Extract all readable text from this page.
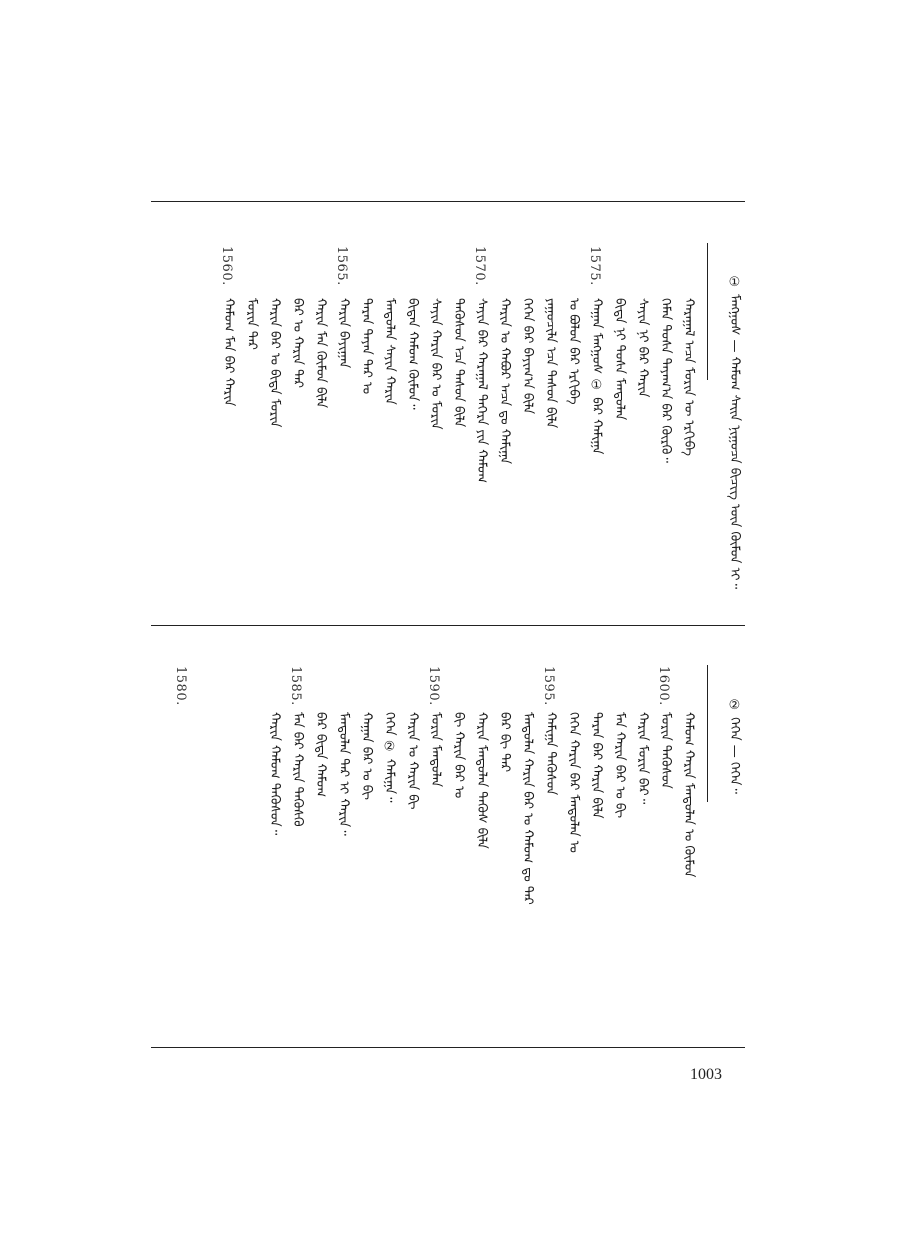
① ᠮᠠᠩᠭᠤᠰ — ᠬᠠᠮᠤᠭ ᠰᠠᠢᠨ ᠨᠢᠭᠤᠴᠠ ᠪᠢᠴᠢᠭ ᠦᠨ ᠬᠦᠮᠦᠨ ᠢ᠃
ᠬᠠᠷᠠᠭᠠᠯ ᠠᠴᠠ ᠮᠣᠷᠢᠨ ᠦ ᠡᠷᠬᠢᠪᠡ
ᠬᠡᠮᠡᠨ ᠲᠤᠰᠠ ᠲᠠᠶᠠᠭ᠎ᠠ ᠪᠠᠷ ᠬᠦᠷᠬᠦ᠃
ᠰᠠᠶᠢᠨ ᠨᠢ ᠪᠡᠷ ᠬᠠᠷᠢᠨ
ᠪᠢᠳᠡ ᠨᠢ ᠲᠤᠰᠠ ᠮᠠᠨᠳᠤᠯᠠᠨ
ᠬᠠᠭᠠᠨ ᠮᠠᠩᠭᠤᠰ ① ᠪᠡᠷ ᠬᠠᠮᠢᠭᠠ
ᠤ ᠪᠣᠯᠤᠨ ᠪᠠᠷ ᠡᠷᠬᠢᠪᠡ
ᠶᠠᠭᠤᠴᠢᠯᠠ ᠡᠴᠡ ᠲᠠᠰᠤᠨ ᠪᠢᠯᠡ
ᠭᠡᠭᠡᠨ ᠪᠠᠷ ᠪᠠᠶᠢᠭ᠎ᠠ ᠪᠢᠯᠡ
ᠬᠠᠷᠢᠨ ᠤ ᠬᠠᠪᠤᠷ ᠠᠴᠠ ᠳᠤ ᠬᠠᠮᠢᠭᠠ
ᠰᠠᠶᠢᠨ ᠪᠠᠷ ᠬᠠᠷᠠᠭᠠᠯ ᠳᠡᠭᠡᠷᠡ ᠶᠢᠨ ᠬᠠᠮᠤᠭ
ᠲᠡᠭᠦᠰᠦᠨ ᠡᠴᠡ ᠲᠠᠰᠤᠨ ᠪᠢᠯᠡ
ᠰᠠᠶᠢᠨ ᠬᠠᠷᠢᠨ ᠪᠠᠷ ᠤ ᠮᠣᠷᠢᠨ
ᠪᠢᠳᠡᠨ ᠬᠠᠮᠤᠭ ᠬᠦᠮᠦᠨ᠃
ᠮᠠᠨᠳᠤᠯᠠᠨ ᠰᠠᠶᠢᠨ ᠬᠠᠷᠢᠨ
ᠲᠠᠷᠠᠨ ᠲᠠᠶᠠᠨ ᠲᠠᠷ ᠤ
ᠬᠠᠷᠢᠨ ᠪᠠᠶᠢᠭᠠᠨ
ᠬᠠᠷᠢᠨ ᠮᠠᠨ ᠬᠦᠮᠦᠨ ᠪᠢᠯᠡ
ᠪᠡᠷ ᠤ ᠬᠠᠷᠢᠨ ᠲᠠᠷ
ᠬᠠᠷᠢᠨ ᠪᠠᠷ ᠤ ᠪᠢᠳᠡ ᠮᠣᠷᠢᠨ
ᠮᠣᠷᠢᠨ ᠲᠠᠷ
ᠬᠠᠮᠤᠭ ᠮᠠᠨ ᠪᠠᠷ ᠬᠠᠷᠢᠨ
1575.
1570.
1565.
1560.
② ᠭᠡᠭᠡᠨ — ᠭᠡᠭᠡᠨ᠃
ᠬᠠᠮᠤᠭ ᠬᠠᠷᠢᠨ ᠮᠠᠨᠳᠤᠯᠠᠨ ᠤ ᠬᠦᠮᠦᠨ
ᠮᠣᠷᠢᠨ ᠲᠡᠭᠦᠰᠦᠨ
ᠬᠠᠷᠢᠨ ᠮᠣᠷᠢᠨ ᠪᠠᠷ᠃
ᠮᠠᠨ ᠬᠠᠷᠢᠨ ᠪᠠᠷ ᠤ ᠪᠢ
ᠲᠠᠷᠠᠨ ᠪᠠᠷ ᠬᠠᠷᠢᠨ ᠪᠢᠯᠡ
ᠭᠡᠭᠡᠨ ᠬᠠᠷᠢᠨ ᠪᠠᠷ ᠮᠠᠨᠳᠤᠯᠠᠨ ᠤ
ᠬᠠᠮᠢᠭᠠ ᠲᠡᠭᠦᠰᠦᠨ
ᠮᠠᠨᠳᠤᠯᠠᠨ ᠬᠠᠷᠢᠨ ᠪᠠᠷ ᠤ ᠬᠠᠮᠤᠭ ᠳᠤ ᠲᠠᠷ
ᠪᠠᠷ ᠪᠢ ᠲᠠᠷ
ᠬᠠᠷᠢᠨ ᠮᠠᠨᠳᠤᠯᠠᠨ ᠲᠡᠭᠦᠰ ᠪᠢᠯᠡ
ᠪᠢ ᠬᠠᠷᠢᠨ ᠪᠠᠷ ᠤ
ᠮᠣᠷᠢᠨ ᠮᠠᠨᠳᠤᠯᠠᠨ
ᠬᠠᠷᠢᠨ ᠤ ᠬᠠᠷᠢᠨ ᠪᠢ
ᠭᠡᠭᠡᠨ ② ᠬᠠᠮᠢᠭᠠ᠃
ᠬᠠᠭᠠᠨ ᠪᠠᠷ ᠤ ᠪᠢ
ᠮᠠᠨᠳᠤᠯᠠᠨ ᠲᠠᠷ ᠢ ᠬᠠᠷᠢᠨ᠃
ᠪᠠᠷ ᠪᠢᠳᠡ ᠬᠠᠮᠤᠭ
ᠮᠠᠨ ᠪᠠᠷ ᠬᠠᠷᠢᠨ ᠲᠡᠭᠦᠰᠬᠦ
ᠬᠠᠷᠢᠨ ᠬᠠᠮᠤᠭ ᠲᠡᠭᠦᠰᠦᠨ᠃
1600.
1595.
1590.
1585.
1580.
1003
